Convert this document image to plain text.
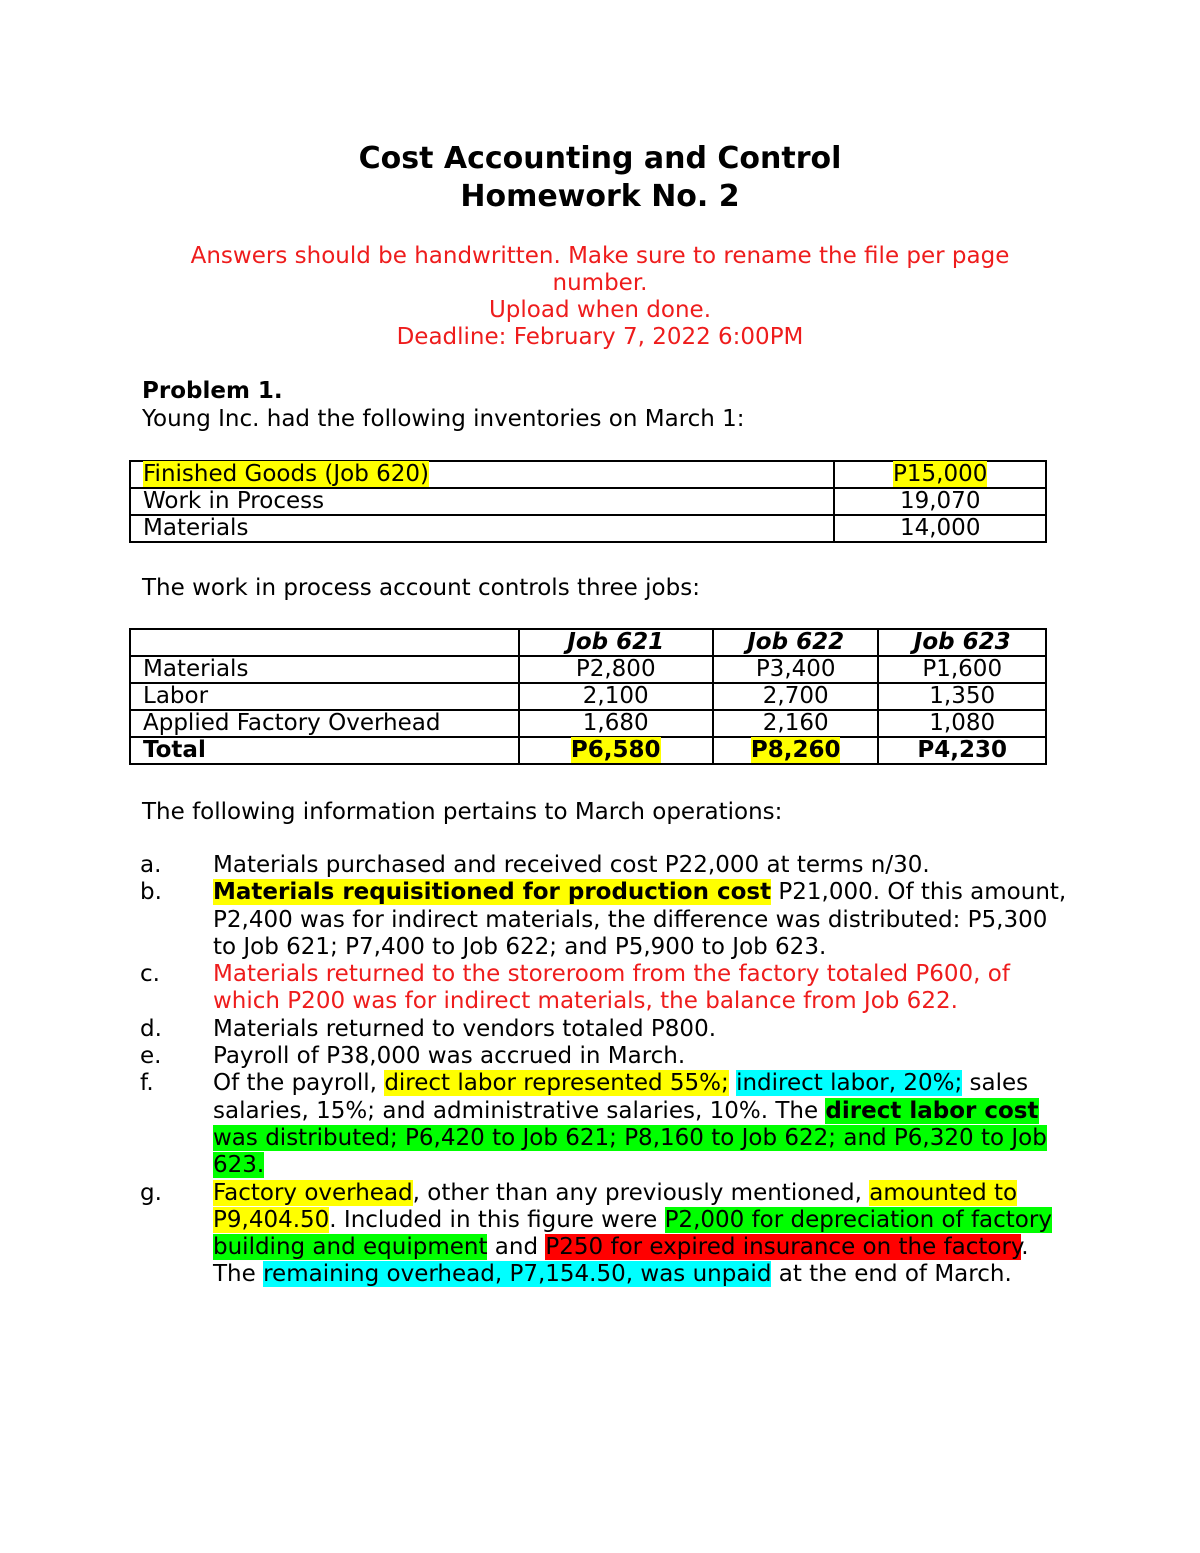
Cost Accounting and Control
Homework No. 2
Answers should be handwritten. Make sure to rename the file per page number.
Upload when done.
Deadline: February 7, 2022 6:00PM
Problem 1.
Young Inc. had the following inventories on March 1:
Finished Goods (Job 620)	P15,000
Work in Process	19,070
Materials	14,000
The work in process account controls three jobs:
	Job 621	Job 622	Job 623
Materials	P2,800	P3,400	P1,600
Labor	2,100	2,700	1,350
Applied Factory Overhead	1,680	2,160	1,080
Total	P6,580	P8,260	P4,230
The following information pertains to March operations:
a. Materials purchased and received cost P22,000 at terms n/30.
b. Materials requisitioned for production cost P21,000. Of this amount, P2,400 was for indirect materials, the difference was distributed: P5,300 to Job 621; P7,400 to Job 622; and P5,900 to Job 623.
c. Materials returned to the storeroom from the factory totaled P600, of which P200 was for indirect materials, the balance from Job 622.
d. Materials returned to vendors totaled P800.
e. Payroll of P38,000 was accrued in March.
f.	Of the payroll, direct labor represented 55%; indirect labor, 20%; sales salaries, 15%; and administrative salaries, 10%. The direct labor cost was distributed; P6,420 to Job 621; P8,160 to Job 622; and P6,320 to Job 623.
g. Factory overhead, other than any previously mentioned, amounted to P9,404.50. Included in this figure were P2,000 for depreciation of factory building and equipment and P250 for expired insurance on the factory. The remaining overhead, P7,154.50, was unpaid at the end of March.
